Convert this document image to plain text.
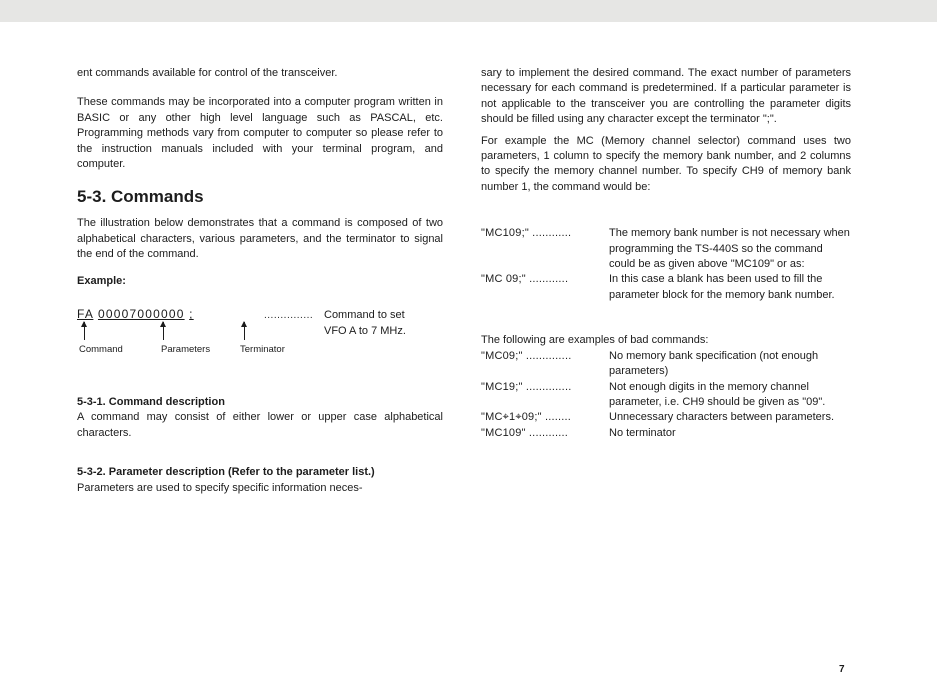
ent commands available for control of the transceiver.

These commands may be incorporated into a computer program written in BASIC or any other high level language such as PASCAL, etc. Programming methods vary from computer to computer so please refer to the instruction manuals included with your terminal program, and computer.

5-3. Commands

The illustration below demonstrates that a command is composed of two alphabetical characters, various parameters, and the terminator to signal the end of the command.

Example:

FA 00007000000 ;	............... Command to set
VFO A to 7 MHz.
Command	Parameters	Terminator
5-3-1. Command description

A command may consist of either lower or upper case alphabetical characters.

5-3-2. Parameter description (Refer to the parameter list.)

Parameters are used to specify specific information neces-

sary to implement the desired command. The exact number of parameters necessary for each command is predetermined. If a particular parameter is not applicable to the transceiver you are controlling the parameter digits should be filled using any character except the terminator ";".

For example the MC (Memory channel selector) command uses two parameters, 1 column to specify the memory bank number, and 2 columns to specify the memory channel number. To specify CH9 of memory bank number 1, the command would be:

"MC109;" ............	The memory bank number is not necessary when programming the TS-440S so the command could be as given above "MC109" or as:
"MC 09;" ............	In this case a blank has been used to fill the parameter block for the memory bank number.

The following are examples of bad commands:

"MC09;" ..............	No memory bank specification (not enough parameters)
"MC19;" ..............	Not enough digits in the memory channel parameter, i.e. CH9 should be given as "09".
"MC⌖1⌖09;" ........	Unnecessary characters between parameters.
"MC109" ............	No terminator
7
